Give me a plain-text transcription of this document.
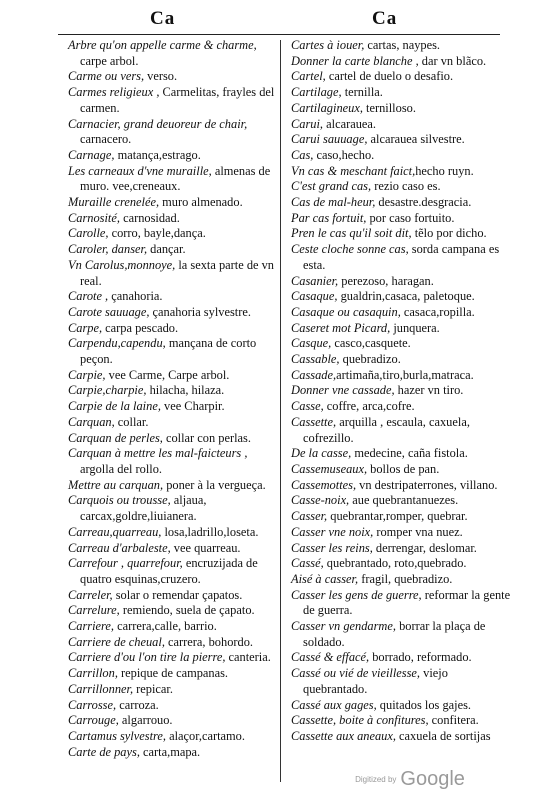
Ca	Ca

Arbre qu'on appelle carme & charme, carpe arbol.

Carme ou vers, verso.

Carmes religieux , Carmelitas, frayles del carmen.

Carnacier, grand deuoreur de chair, carnacero.

Carnage, matança,estrago.

Les carneaux d'vne muraille, almenas de muro. vee,creneaux.

Muraille crenelée, muro almenado.

Carnosité, carnosidad.

Carolle, corro, bayle,dança.

Caroler, danser, dançar.

Vn Carolus,monnoye, la sexta parte de vn real.

Carote , çanahoria.

Carote sauuage, çanahoria sylvestre.

Carpe, carpa pescado.

Carpendu,capendu, mançana de corto peçon.

Carpie, vee Carme, Carpe arbol.

Carpie,charpie, hilacha, hilaza.

Carpie de la laine, vee Charpir.

Carquan, collar.

Carquan de perles, collar con perlas.

Carquan à mettre les mal-faicteurs , argolla del rollo.

Mettre au carquan, poner à la vergueça.

Carquois ou trousse, aljaua, carcax,goldre,liuianera.

Carreau,quarreau, losa,ladrillo,loseta.

Carreau d'arbaleste, vee quarreau.

Carrefour , quarrefour, encruzijada de quatro esquinas,cruzero.

Carreler, solar o remendar çapatos.

Carrelure, remiendo, suela de çapato.

Carriere, carrera,calle, barrio.

Carriere de cheual, carrera, bohordo.

Carriere d'ou l'on tire la pierre, canteria.

Carrillon, repique de campanas.

Carrillonner, repicar.

Carrosse, carroza.

Carrouge, algarrouo.

Cartamus sylvestre, alaçor,cartamo.

Carte de pays, carta,mapa.

Cartes à iouer, cartas, naypes.

Donner la carte blanche , dar vn blãco.

Cartel, cartel de duelo o desafio.

Cartilage, ternilla.

Cartilagineux, ternilloso.

Carui, alcarauea.

Carui sauuage, alcarauea silvestre.

Cas, caso,hecho.

Vn cas & meschant faict,hecho ruyn.

C'est grand cas, rezio caso es.

Cas de mal-heur, desastre.desgracia.

Par cas fortuit, por caso fortuito.

Pren le cas qu'il soit dit, tẽlo por dicho.

Ceste cloche sonne cas, sorda campana es esta.

Casanier, perezoso, haragan.

Casaque, gualdrin,casaca, paletoque.

Casaque ou casaquin, casaca,ropilla.

Caseret mot Picard, junquera.

Casque, casco,casquete.

Cassable, quebradizo.

Cassade,artimaña,tiro,burla,matraca.

Donner vne cassade, hazer vn tiro.

Casse, coffre, arca,cofre.

Cassette, arquilla , escaula, caxuela, cofrezillo.

De la casse, medecine, caña fistola.

Cassemuseaux, bollos de pan.

Cassemottes, vn destripaterrones, villano.

Casse-noix, aue quebrantanuezes.

Casser, quebrantar,romper, quebrar.

Casser vne noix, romper vna nuez.

Casser les reins, derrengar, deslomar.

Cassé, quebrantado, roto,quebrado.

Aisé à casser, fragil, quebradizo.

Casser les gens de guerre, reformar la gente de guerra.

Casser vn gendarme, borrar la plaça de soldado.

Cassé & effacé, borrado, reformado.

Cassé ou vié de vieillesse, viejo quebrantado.

Cassé aux gages, quitados los gajes.

Cassette, boite à confitures, confitera.

Cassette aux aneaux, caxuela de sortijas

Digitized by Google
